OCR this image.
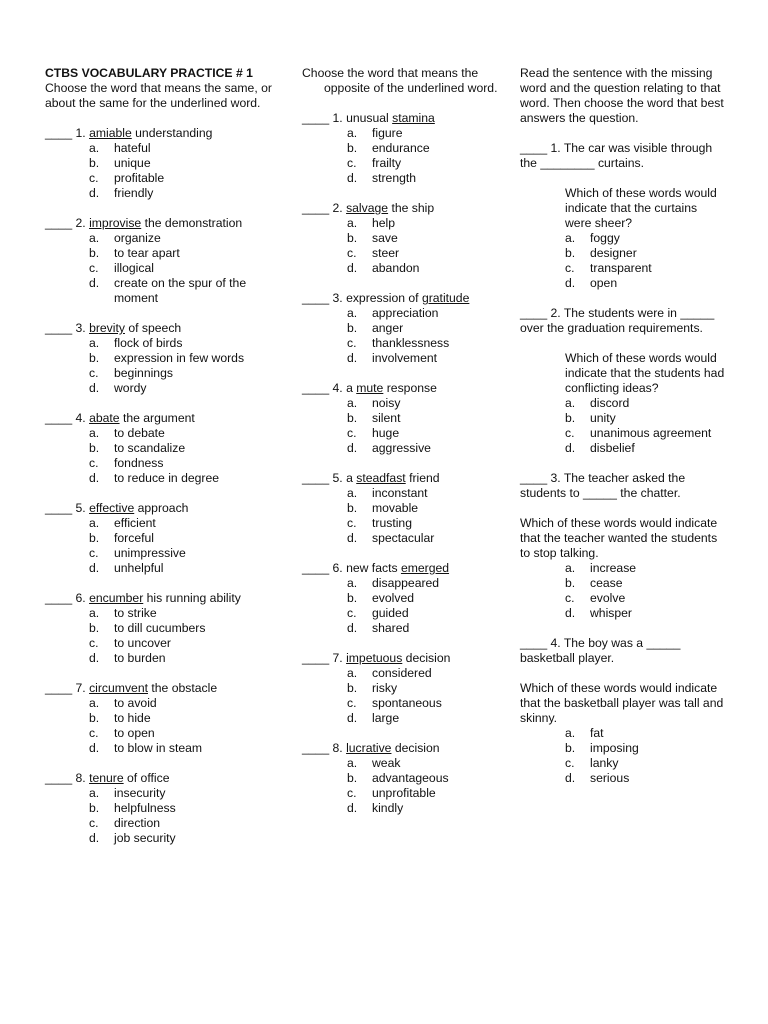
CTBS VOCABULARY PRACTICE # 1
Choose the word that means the same, or about the same for the underlined word.
____ 1. amiable understanding
a.	hateful
b.	unique
c.	profitable
d.	friendly
____ 2. improvise the demonstration
a.	organize
b.	to tear apart
c.	illogical
d.	create on the spur of the moment
____ 3. brevity of speech
a.	flock of birds
b.	expression in few words
c.	beginnings
d.	wordy
____ 4. abate the argument
a.	to debate
b.	to scandalize
c.	fondness
d.	to reduce in degree
____ 5. effective approach
a.	efficient
b.	forceful
c.	unimpressive
d.	unhelpful
____ 6. encumber his running ability
a.	to strike
b.	to dill cucumbers
c.	to uncover
d.	to burden
____ 7. circumvent the obstacle
a.	to avoid
b.	to hide
c.	to open
d.	to blow in steam
____ 8. tenure of office
a.	insecurity
b.	helpfulness
c.	direction
d.	job security
Choose the word that means the opposite of the underlined word.
____ 1. unusual stamina
a.	figure
b.	endurance
c.	frailty
d.	strength
____ 2. salvage the ship
a.	help
b.	save
c.	steer
d.	abandon
____ 3. expression of gratitude
a.	appreciation
b.	anger
c.	thanklessness
d.	involvement
____ 4. a mute response
a.	noisy
b.	silent
c.	huge
d.	aggressive
____ 5. a steadfast friend
a.	inconstant
b.	movable
c.	trusting
d.	spectacular
____ 6. new facts emerged
a.	disappeared
b.	evolved
c.	guided
d.	shared
____ 7. impetuous decision
a.	considered
b.	risky
c.	spontaneous
d.	large
____ 8. lucrative decision
a.	weak
b.	advantageous
c.	unprofitable
d.	kindly
Read the sentence with the missing word and the question relating to that word. Then choose the word that best answers the question.
____ 1. The car was visible through the ________ curtains.
Which of these words would indicate that the curtains were sheer?
a.	foggy
b.	designer
c.	transparent
d.	open
____ 2. The students were in _____ over the graduation requirements.
Which of these words would indicate that the students had conflicting ideas?
a.	discord
b.	unity
c.	unanimous agreement
d.	disbelief
____ 3. The teacher asked the students to _____ the chatter.
Which of these words would indicate that the teacher wanted the students to stop talking.
a.	increase
b.	cease
c.	evolve
d.	whisper
____ 4. The boy was a _____ basketball player.
Which of these words would indicate that the basketball player was tall and skinny.
a.	fat
b.	imposing
c.	lanky
d.	serious
